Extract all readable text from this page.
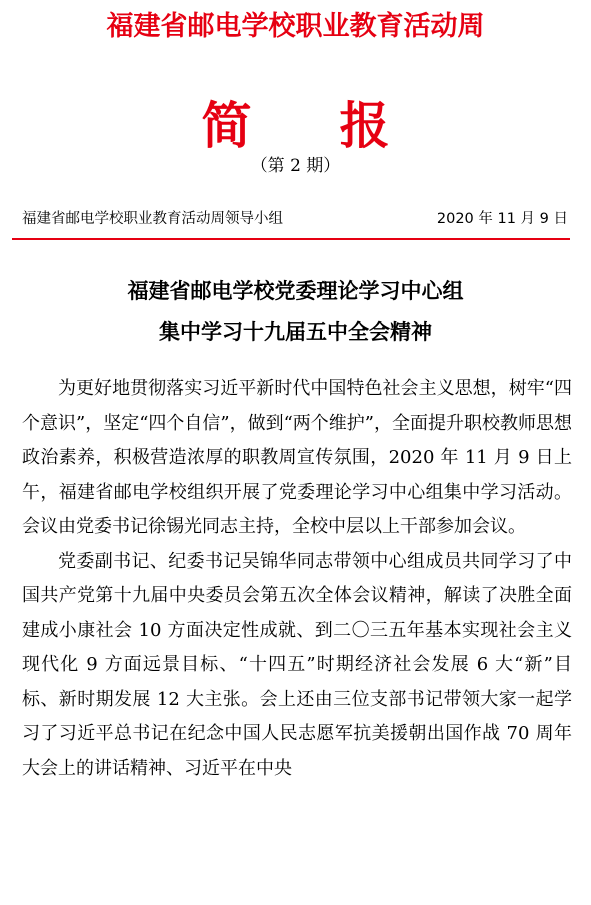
福建省邮电学校职业教育活动周
简 报
（第 2 期）
福建省邮电学校职业教育活动周领导小组	2020 年 11 月 9 日
福建省邮电学校党委理论学习中心组
集中学习十九届五中全会精神

为更好地贯彻落实习近平新时代中国特色社会主义思想，树牢“四个意识”，坚定“四个自信”，做到“两个维护”，全面提升职校教师思想政治素养，积极营造浓厚的职教周宣传氛围，2020 年 11 月 9 日上午，福建省邮电学校组织开展了党委理论学习中心组集中学习活动。会议由党委书记徐锡光同志主持，全校中层以上干部参加会议。

党委副书记、纪委书记吴锦华同志带领中心组成员共同学习了中国共产党第十九届中央委员会第五次全体会议精神，解读了决胜全面建成小康社会 10 方面决定性成就、到二〇三五年基本实现社会主义现代化 9 方面远景目标、“十四五”时期经济社会发展 6 大“新”目标、新时期发展 12 大主张。会上还由三位支部书记带领大家一起学习了习近平总书记在纪念中国人民志愿军抗美援朝出国作战 70 周年大会上的讲话精神、习近平在中央
